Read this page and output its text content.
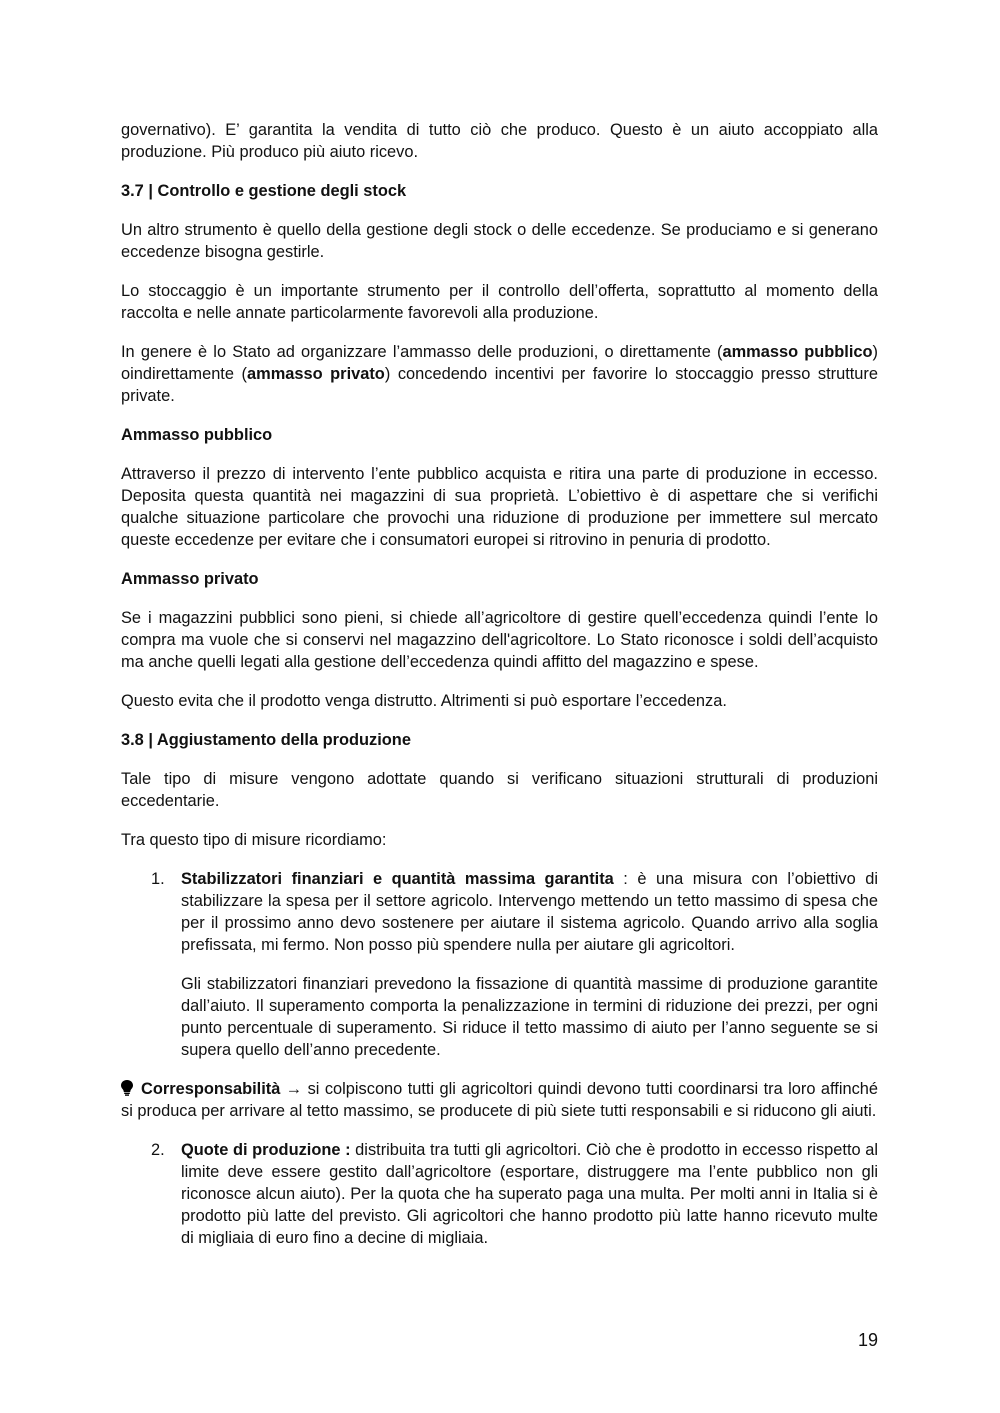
governativo). E’ garantita la vendita di tutto ciò che produco. Questo è un aiuto accoppiato alla produzione. Più produco più aiuto ricevo.

3.7 | Controllo e gestione degli stock

Un altro strumento è quello della gestione degli stock o delle eccedenze. Se produciamo e si generano eccedenze bisogna gestirle.

Lo stoccaggio è un importante strumento per il controllo dell’offerta, soprattutto al momento della raccolta e nelle annate particolarmente favorevoli alla produzione.

In genere è lo Stato ad organizzare l’ammasso delle produzioni, o direttamente (ammasso pubblico) oindirettamente (ammasso privato) concedendo incentivi per favorire lo stoccaggio presso strutture private.

Ammasso pubblico

Attraverso il prezzo di intervento l’ente pubblico acquista e ritira una parte di produzione in eccesso. Deposita questa quantità nei magazzini di sua proprietà. L’obiettivo è di aspettare che si verifichi qualche situazione particolare che provochi una riduzione di produzione per immettere sul mercato queste eccedenze per evitare che i consumatori europei si ritrovino in penuria di prodotto.

Ammasso privato

Se i magazzini pubblici sono pieni, si chiede all’agricoltore di gestire quell’eccedenza quindi l’ente lo compra ma vuole che si conservi nel magazzino dell'agricoltore. Lo Stato riconosce i soldi dell’acquisto ma anche quelli legati alla gestione dell’eccedenza quindi affitto del magazzino e spese.

Questo evita che il prodotto venga distrutto. Altrimenti si può esportare l’eccedenza.

3.8 | Aggiustamento della produzione

Tale tipo di misure vengono adottate quando si verificano situazioni strutturali di produzioni eccedentarie.

Tra questo tipo di misure ricordiamo:

1. Stabilizzatori finanziari e quantità massima garantita : è una misura con l’obiettivo di stabilizzare la spesa per il settore agricolo. Intervengo mettendo un tetto massimo di spesa che per il prossimo anno devo sostenere per aiutare il sistema agricolo. Quando arrivo alla soglia prefissata, mi fermo. Non posso più spendere nulla per aiutare gli agricoltori.

Gli stabilizzatori finanziari prevedono la fissazione di quantità massime di produzione garantite dall’aiuto. Il superamento comporta la penalizzazione in termini di riduzione dei prezzi, per ogni punto percentuale di superamento. Si riduce il tetto massimo di aiuto per l’anno seguente se si supera quello dell’anno precedente.

Corresponsabilità → si colpiscono tutti gli agricoltori quindi devono tutti coordinarsi tra loro affinché si produca per arrivare al tetto massimo, se producete di più siete tutti responsabili e si riducono gli aiuti.

2. Quote di produzione : distribuita tra tutti gli agricoltori. Ciò che è prodotto in eccesso rispetto al limite deve essere gestito dall’agricoltore (esportare, distruggere ma l’ente pubblico non gli riconosce alcun aiuto). Per la quota che ha superato paga una multa. Per molti anni in Italia si è prodotto più latte del previsto. Gli agricoltori che hanno prodotto più latte hanno ricevuto multe di migliaia di euro fino a decine di migliaia.
19
